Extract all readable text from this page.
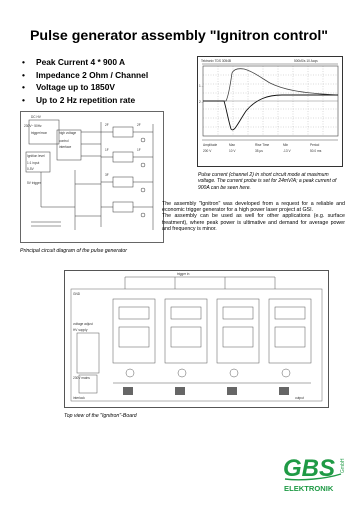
Pulse generator assembly "Ignitron control"
• Peak Current 4 * 900 A
• Impedance 2 Ohm / Channel
• Voltage up to 1850V
• Up to 2 Hz repetition rate
Tektronix TDS 3054B	500kS/s 10 Acqs
1→
2→
Amplitude	Max	Rise Time	Min	Period
200 V	10 V	35 µs	-13 V	50.0 ms
Pulse current (channel 2) in short circuit mode at maximum voltage. The current probe is set for 24mV/A; a peak current of 900A can be seen here.
DC HV
230V~ 50Hz
trigger/mon	high voltage
control
interface
Ignition level
1:1 input
0-5V
5V trigger
2F
1F
3F
2F
1F
Principal circuit diagram of the pulse generator

The assembly "Ignitron" was developed from a request for a reliable and economic trigger generator for a high power laser project at GSI.

The assembly can be used as well for other applications (e.g. surface treatment), where peak power is ultimative and demand for average power and frequency is minor.

trigger in
GND
voltage adjust
HV supply
230V mains
output
interlock
Top view of the "Ignitron"-Board
GBS
ELEKTRONIK
GmbH
